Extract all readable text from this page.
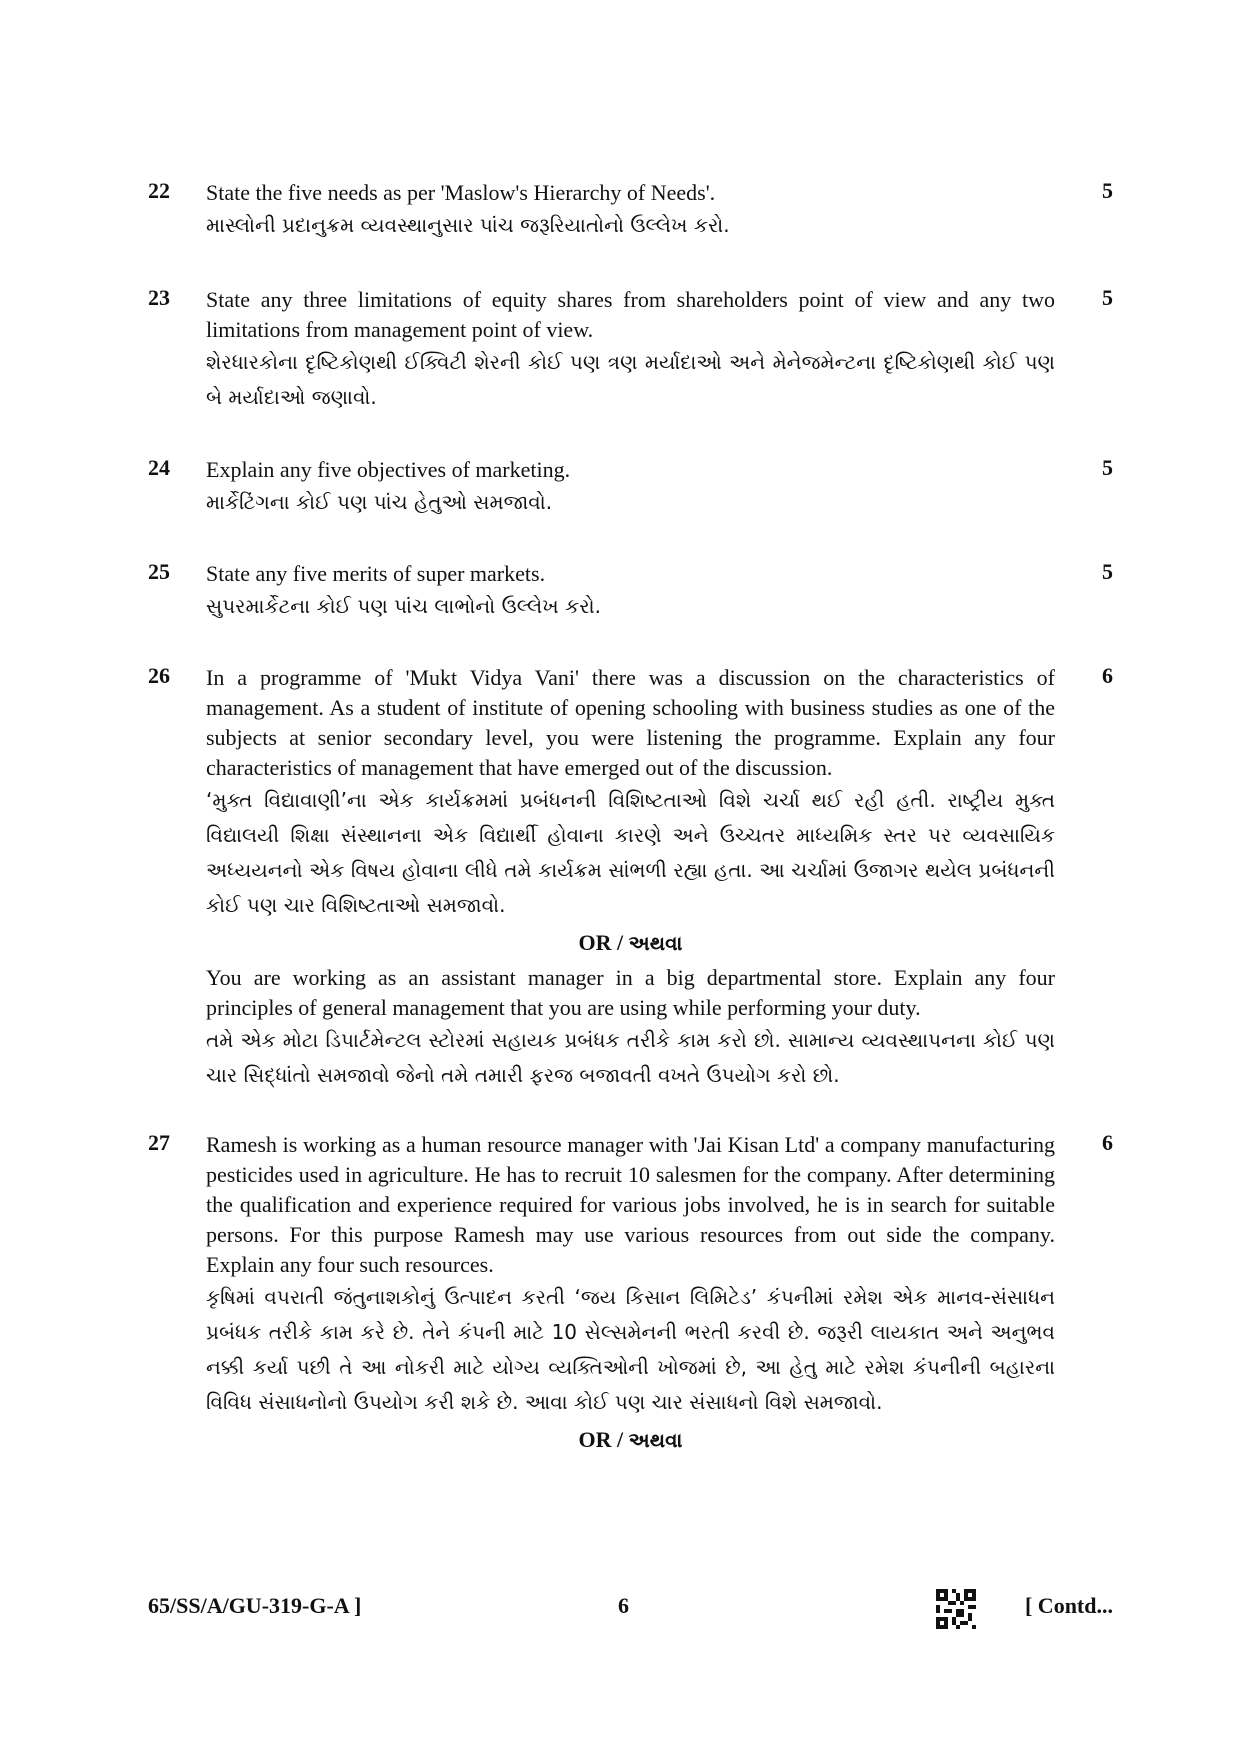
22	5
State the five needs as per 'Maslow's Hierarchy of Needs'.
માસ્લોની પ્રદાનુક્રમ વ્યવસ્થાનુસાર પાંચ જરૂરિયાતોનો ઉલ્લેખ કરો.
23	5
State any three limitations of equity shares from shareholders point of view and any two limitations from management point of view.
શેરધારકોના દૃષ્ટિકોણથી ઈક્વિટી શેરની કોઈ પણ ત્રણ મર્યાદાઓ અને મેનેજમેન્ટના દૃષ્ટિકોણથી કોઈ પણ બે મર્યાદાઓ જણાવો.
24	5
Explain any five objectives of marketing.
માર્કેટિંગના કોઈ પણ પાંચ હેતુઓ સમજાવો.
25	5
State any five merits of super markets.
સુપરમાર્કેટના કોઈ પણ પાંચ લાભોનો ઉલ્લેખ કરો.
26	6
In a programme of 'Mukt Vidya Vani' there was a discussion on the characteristics of management. As a student of institute of opening schooling with business studies as one of the subjects at senior secondary level, you were listening the programme. Explain any four characteristics of management that have emerged out of the discussion.
‘મુક્ત વિદ્યાવાણી’ના એક કાર્યક્રમમાં પ્રબંધનની વિશિષ્ટતાઓ વિશે ચર્ચા થઈ રહી હતી. રાષ્ટ્રીય મુક્ત વિદ્યાલયી શિક્ષા સંસ્થાનના એક વિદ્યાર્થી હોવાના કારણે અને ઉચ્ચતર માધ્યમિક સ્તર પર વ્યવસાયિક અધ્યયનનો એક વિષય હોવાના લીધે તમે કાર્યક્રમ સાંભળી રહ્યા હતા. આ ચર્ચામાં ઉજાગર થયેલ પ્રબંધનની કોઈ પણ ચાર વિશિષ્ટતાઓ સમજાવો.
OR / અથવા
You are working as an assistant manager in a big departmental store. Explain any four principles of general management that you are using while performing your duty.
તમે એક મોટા ડિપાર્ટમેન્ટલ સ્ટોરમાં સહાયક પ્રબંધક તરીકે કામ કરો છો. સામાન્ય વ્યવસ્થાપનના કોઈ પણ ચાર સિદ્ધાંતો સમજાવો જેનો તમે તમારી ફરજ બજાવતી વખતે ઉપયોગ કરો છો.
27	6
Ramesh is working as a human resource manager with 'Jai Kisan Ltd' a company manufacturing pesticides used in agriculture. He has to recruit 10 salesmen for the company. After determining the qualification and experience required for various jobs involved, he is in search for suitable persons. For this purpose Ramesh may use various resources from out side the company. Explain any four such resources.
કૃષિમાં વપરાતી જંતુનાશકોનું ઉત્પાદન કરતી ‘જય કિસાન લિમિટેડ’ કંપનીમાં રમેશ એક માનવ-સંસાધન પ્રબંધક તરીકે કામ કરે છે. તેને કંપની માટે 10 સેલ્સમેનની ભરતી કરવી છે. જરૂરી લાયકાત અને અનુભવ નક્કી કર્યા પછી તે આ નોકરી માટે યોગ્ય વ્યક્તિઓની ખોજમાં છે, આ હેતુ માટે રમેશ કંપનીની બહારના વિવિધ સંસાધનોનો ઉપયોગ કરી શકે છે. આવા કોઈ પણ ચાર સંસાધનો વિશે સમજાવો.
OR / અથવા
65/SS/A/GU-319-G-A ]	6	[ Contd...
